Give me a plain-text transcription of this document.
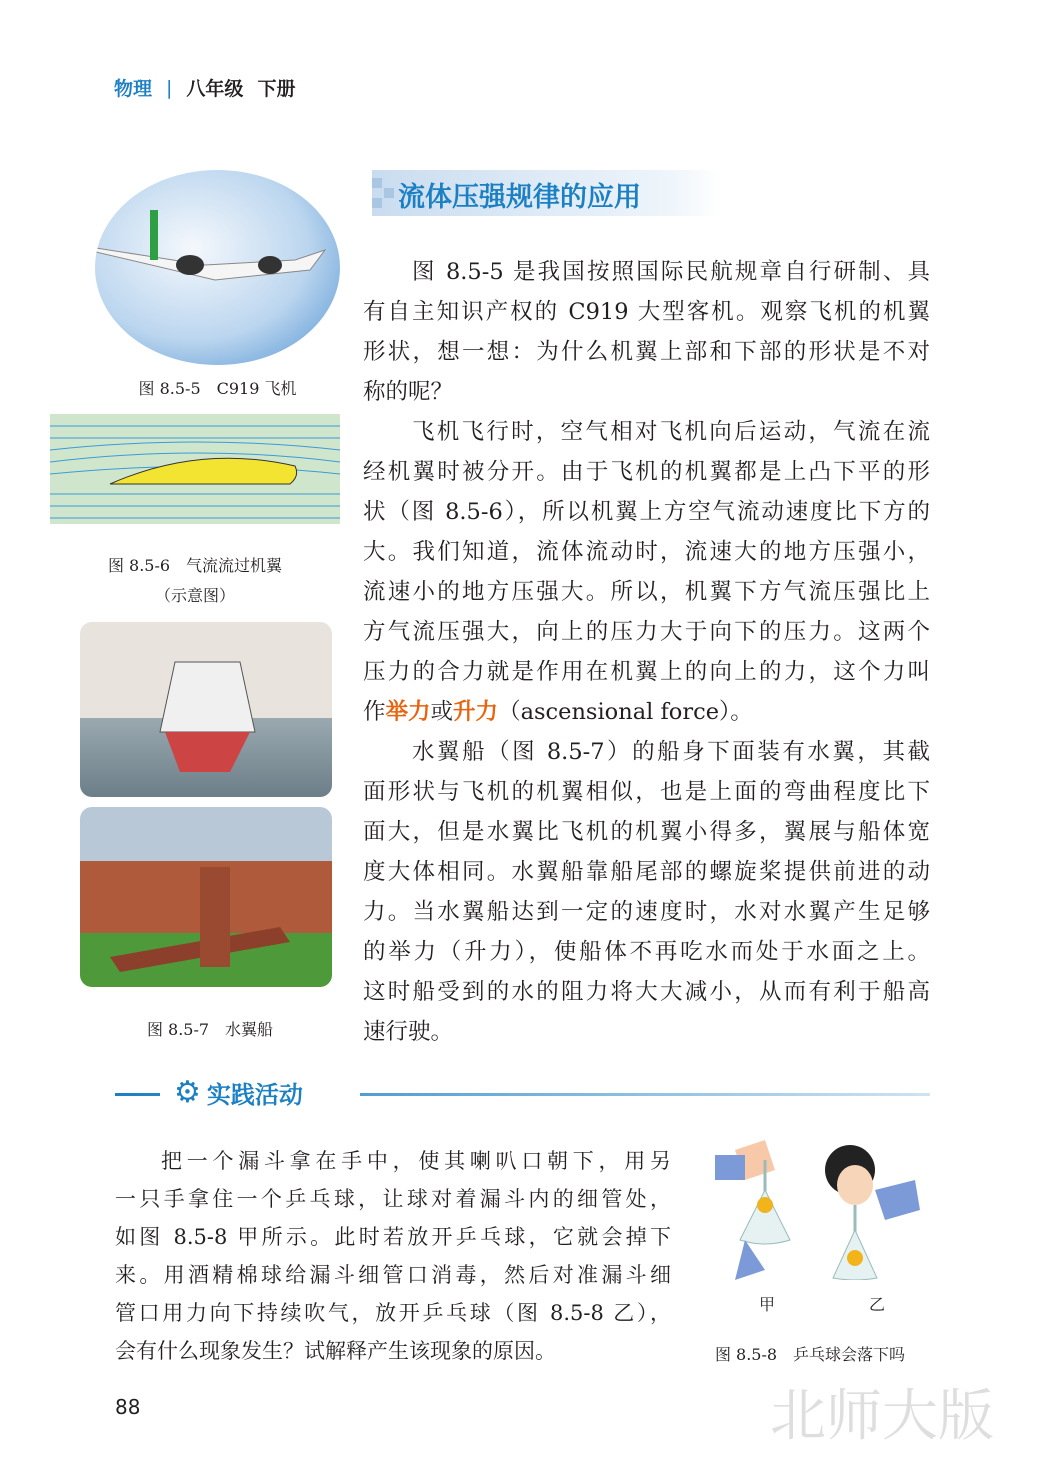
物理 | 八年级 下册
图 8.5-5　C919 飞机
图 8.5-6　气流流过机翼
（示意图）
图 8.5-7　水翼船
流体压强规律的应用
图 8.5-5 是我国按照国际民航规章自行研制、具
有自主知识产权的 C919 大型客机。观察飞机的机翼
形状，想一想：为什么机翼上部和下部的形状是不对
称的呢？
飞机飞行时，空气相对飞机向后运动，气流在流
经机翼时被分开。由于飞机的机翼都是上凸下平的形
状（图 8.5-6），所以机翼上方空气流动速度比下方的
大。我们知道，流体流动时，流速大的地方压强小，
流速小的地方压强大。所以，机翼下方气流压强比上
方气流压强大，向上的压力大于向下的压力。这两个
压力的合力就是作用在机翼上的向上的力，这个力叫
作举力或升力（ascensional force）。
水翼船（图 8.5-7）的船身下面装有水翼，其截
面形状与飞机的机翼相似，也是上面的弯曲程度比下
面大，但是水翼比飞机的机翼小得多，翼展与船体宽
度大体相同。水翼船靠船尾部的螺旋桨提供前进的动
力。当水翼船达到一定的速度时，水对水翼产生足够
的举力（升力），使船体不再吃水而处于水面之上。
这时船受到的水的阻力将大大减小，从而有利于船高
速行驶。
⚙ 实践活动
把一个漏斗拿在手中，使其喇叭口朝下，用另
一只手拿住一个乒乓球，让球对着漏斗内的细管处，
如图 8.5-8 甲所示。此时若放开乒乓球，它就会掉下
来。用酒精棉球给漏斗细管口消毒，然后对准漏斗细
管口用力向下持续吹气，放开乒乓球（图 8.5-8 乙），
会有什么现象发生？试解释产生该现象的原因。
甲	乙
图 8.5-8　乒乓球会落下吗
北师大版
88
